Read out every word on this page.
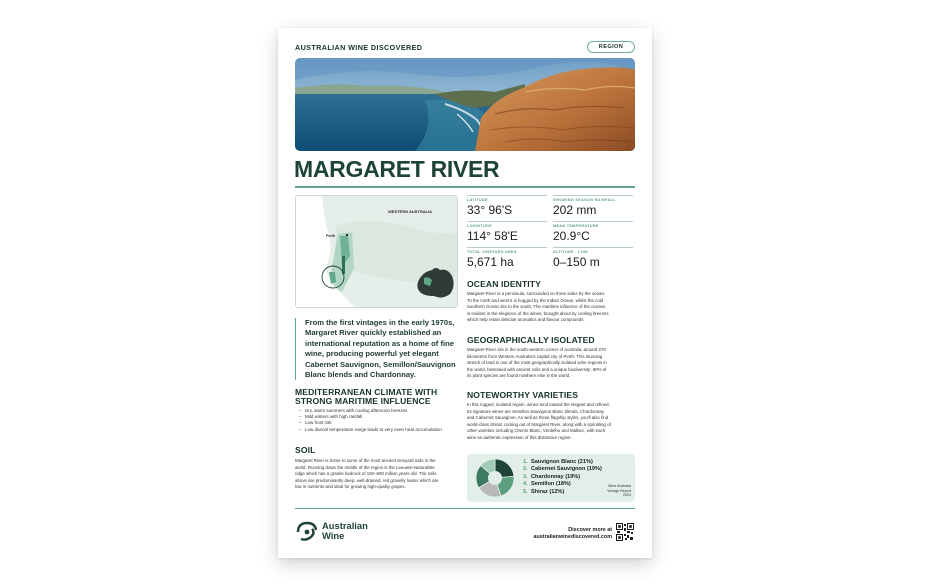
AUSTRALIAN WINE DISCOVERED	REGION
MARGARET RIVER
WESTERN AUSTRALIA
Perth
LATITUDE
33° 96'S
GROWING SEASON RAINFALL
202 mm
LONGITUDE
114° 58'E
MEAN TEMPERATURE
20.9°C
TOTAL VINEYARD AREA
5,671 ha
ALTITUDE - LOW
0–150 m
From the first vintages in the early 1970s, Margaret River quickly established an international reputation as a home of fine wine, producing powerful yet elegant Cabernet Sauvignon, Semillon/Sauvignon Blanc blends and Chardonnay.
MEDITERRANEAN CLIMATE WITH
STRONG MARITIME INFLUENCE
– Dry, warm summers with cooling afternoon breezes
– Mild winters with high rainfall
– Low frost risk
– Low diurnal temperature range leads to very even heat accumulation
SOIL
Margaret River is home to some of the most ancient vineyard soils in the
world. Running down the middle of the region is the Leeuwin-Naturaliste
ridge which has a granite bedrock of 150–600 million years old. The soils
above are predominantly deep, well-drained, red gravelly loams which are
low in nutrients and ideal for growing high-quality grapes.
OCEAN IDENTITY
Margaret River is a peninsula, surrounded on three sides by the ocean.
To the north and west it is hugged by the Indian Ocean, whilst the cold
Southern Ocean sits to the south. The maritime influence of the oceans
is evident in the elegance of the wines, brought about by cooling breezes
which help retain delicate aromatics and flavour compounds.
GEOGRAPHICALLY ISOLATED
Margaret River sits in the south-western corner of Australia, around 270
kilometres from Western Australia's capital city of Perth. This stunning
stretch of land is one of the most geographically isolated wine regions in
the world, bestowed with ancient soils and a unique biodiversity: 80% of
its plant species are found nowhere else in the world.
NOTEWORTHY VARIETIES
In this rugged, isolated region, wines tend toward the elegant and refined.
Its signature wines are Semillon-Sauvignon Blanc blends, Chardonnay
and Cabernet Sauvignon. As well as these flagship styles, you'll also find
world-class Shiraz coming out of Margaret River, along with a sprinkling of
other varieties including Chenin Blanc, Verdelho and Malbec, with each
wine an authentic expression of this distinctive region.
1. Sauvignon Blanc (21%)
2. Cabernet Sauvignon (19%)
3. Chardonnay (19%)
4. Semillon (18%)
5. Shiraz (12%)
Wine Australia
Vintage Report
2024
Australian
Wine	Discover more at
australianwinediscovered.com
